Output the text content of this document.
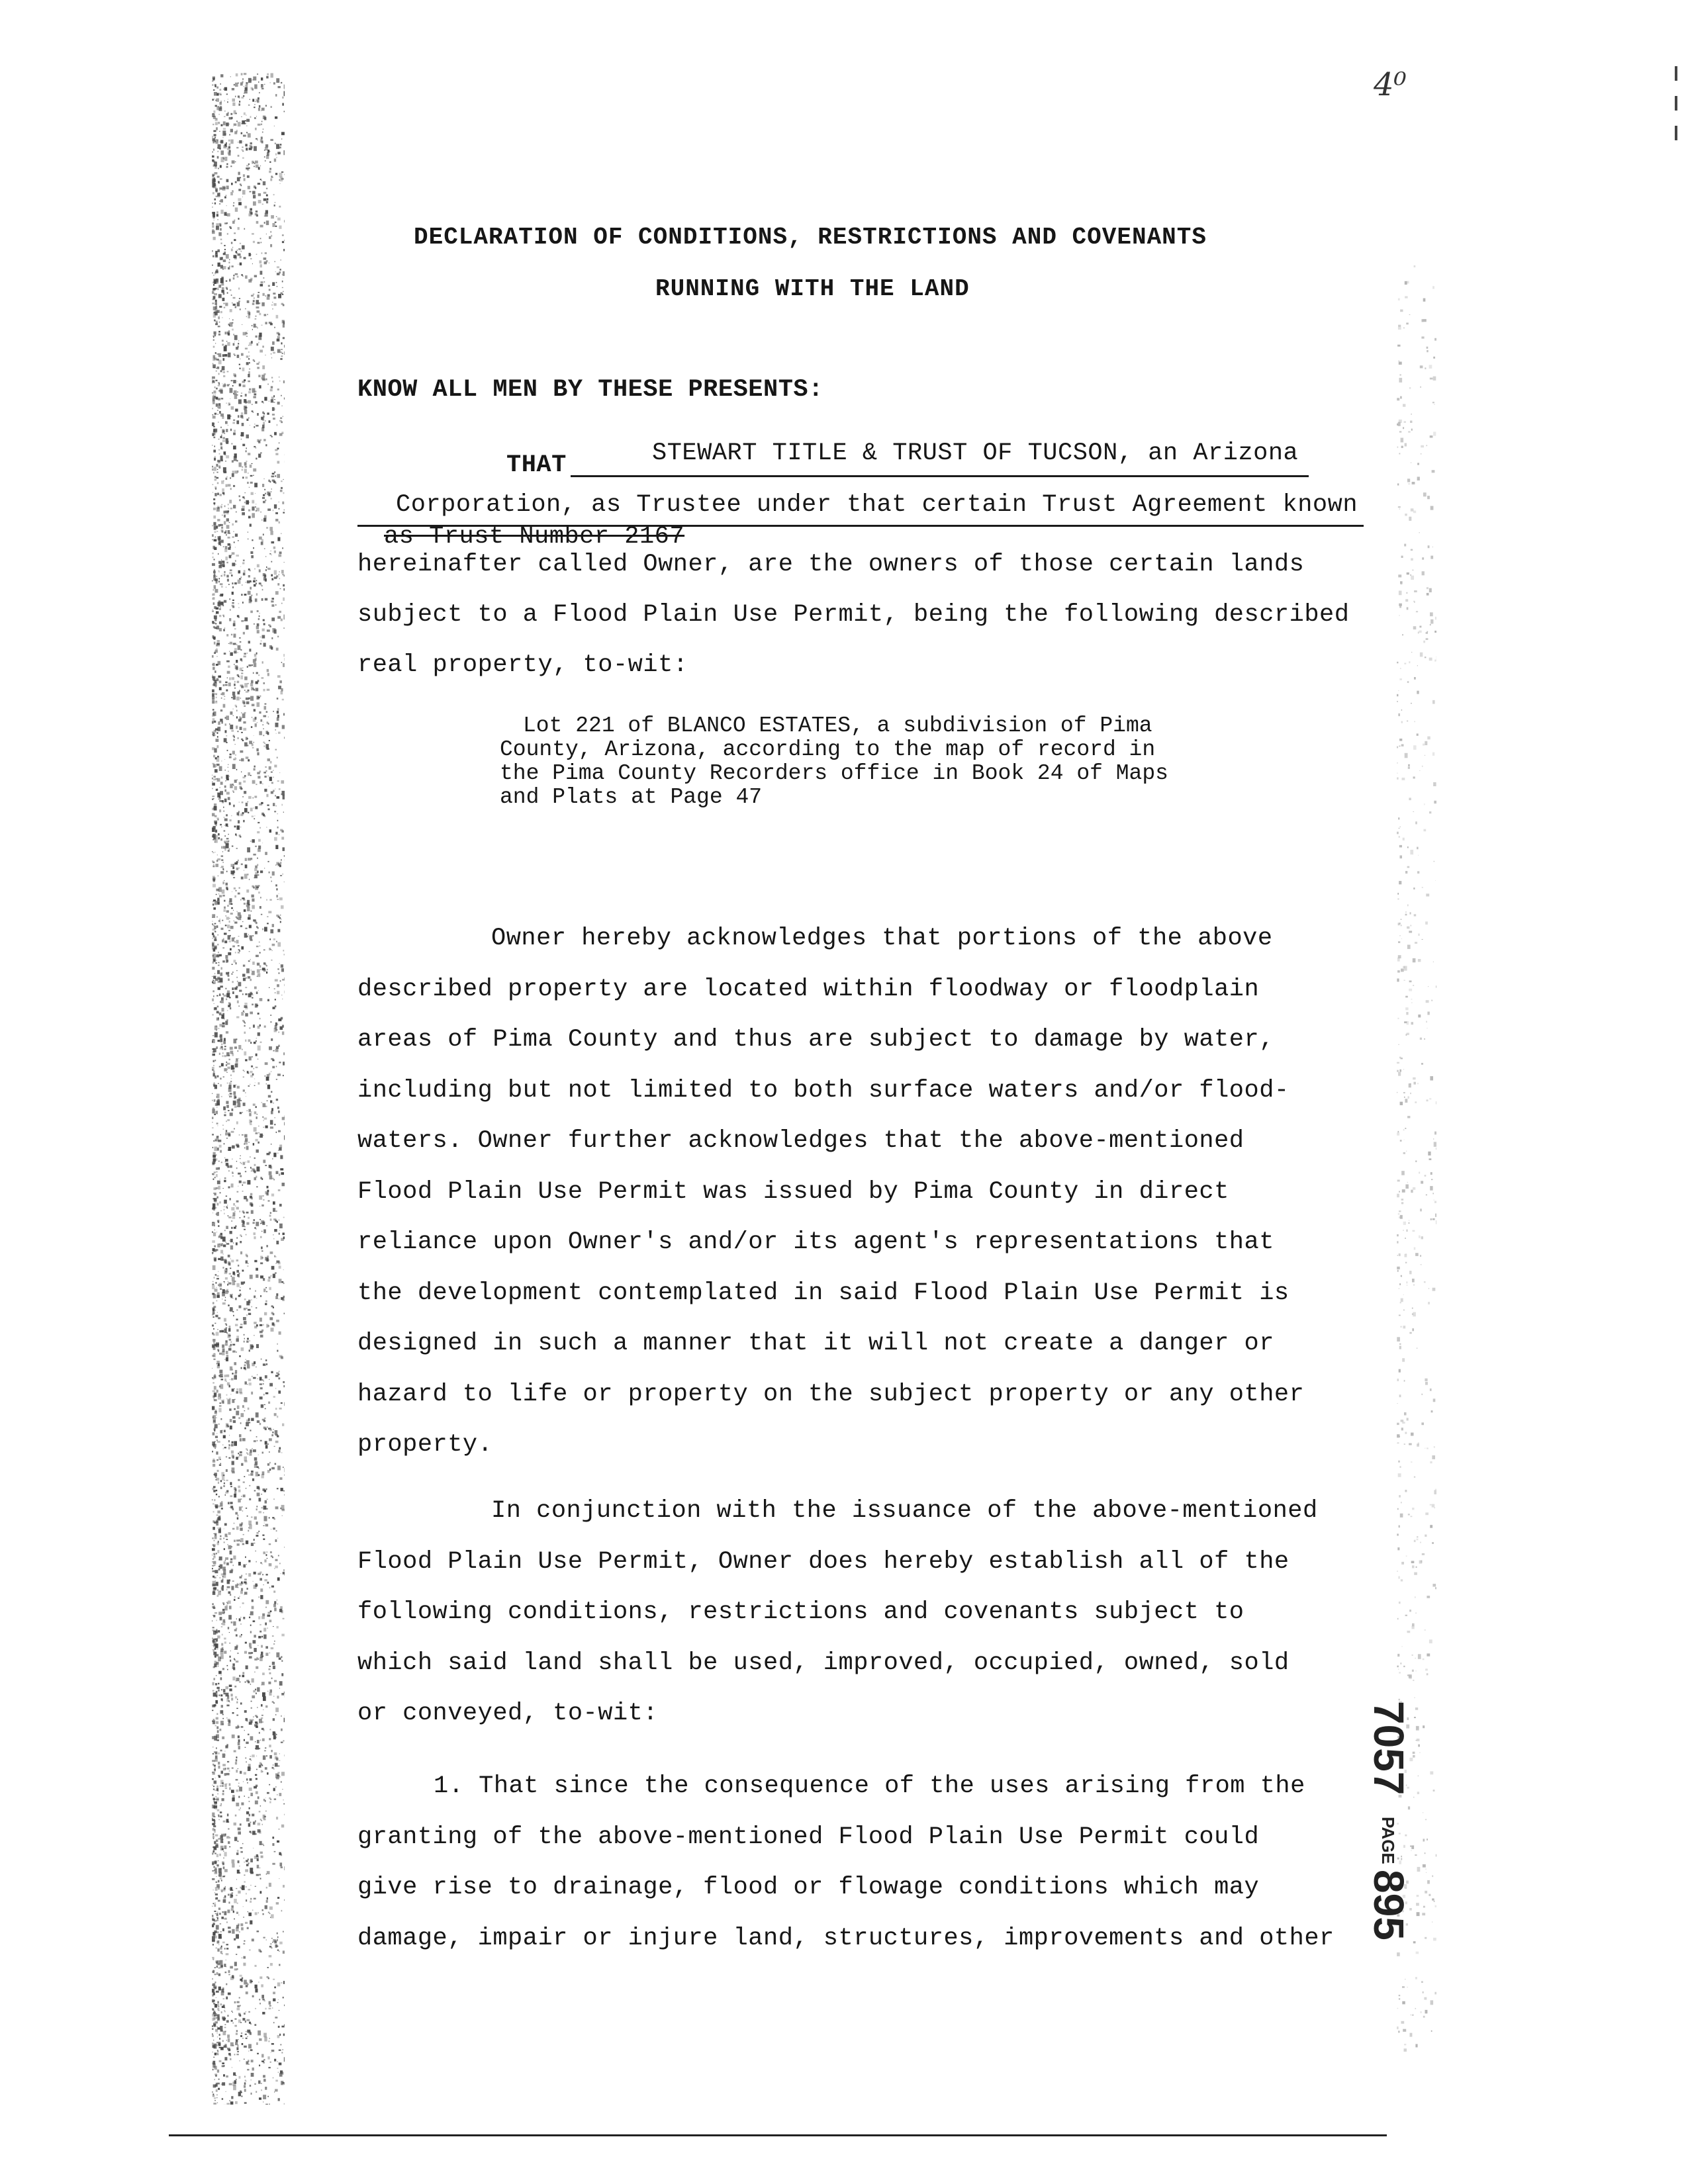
4⁰
DECLARATION OF CONDITIONS, RESTRICTIONS AND COVENANTS
RUNNING WITH THE LAND
KNOW ALL MEN BY THESE PRESENTS:
THAT	STEWART TITLE & TRUST OF TUCSON, an Arizona
Corporation, as Trustee under that certain Trust Agreement known
as Trust Number 2167
hereinafter called Owner, are the owners of those certain lands
subject to a Flood Plain Use Permit, being the following described
real property, to-wit:
Lot 221 of BLANCO ESTATES, a subdivision of Pima
County, Arizona, according to the map of record in
the Pima County Recorders office in Book 24 of Maps
and Plats at Page 47
Owner hereby acknowledges that portions of the above
described property are located within floodway or floodplain
areas of Pima County and thus are subject to damage by water,
including but not limited to both surface waters and/or flood-
waters. Owner further acknowledges that the above-mentioned
Flood Plain Use Permit was issued by Pima County in direct
reliance upon Owner's and/or its agent's representations that
the development contemplated in said Flood Plain Use Permit is
designed in such a manner that it will not create a danger or
hazard to life or property on the subject property or any other
property.
In conjunction with the issuance of the above-mentioned
Flood Plain Use Permit, Owner does hereby establish all of the
following conditions, restrictions and covenants subject to
which said land shall be used, improved, occupied, owned, sold
or conveyed, to-wit:
1. That since the consequence of the uses arising from the
granting of the above-mentioned Flood Plain Use Permit could
give rise to drainage, flood or flowage conditions which may
damage, impair or injure land, structures, improvements and other
7057
PAGE
895
